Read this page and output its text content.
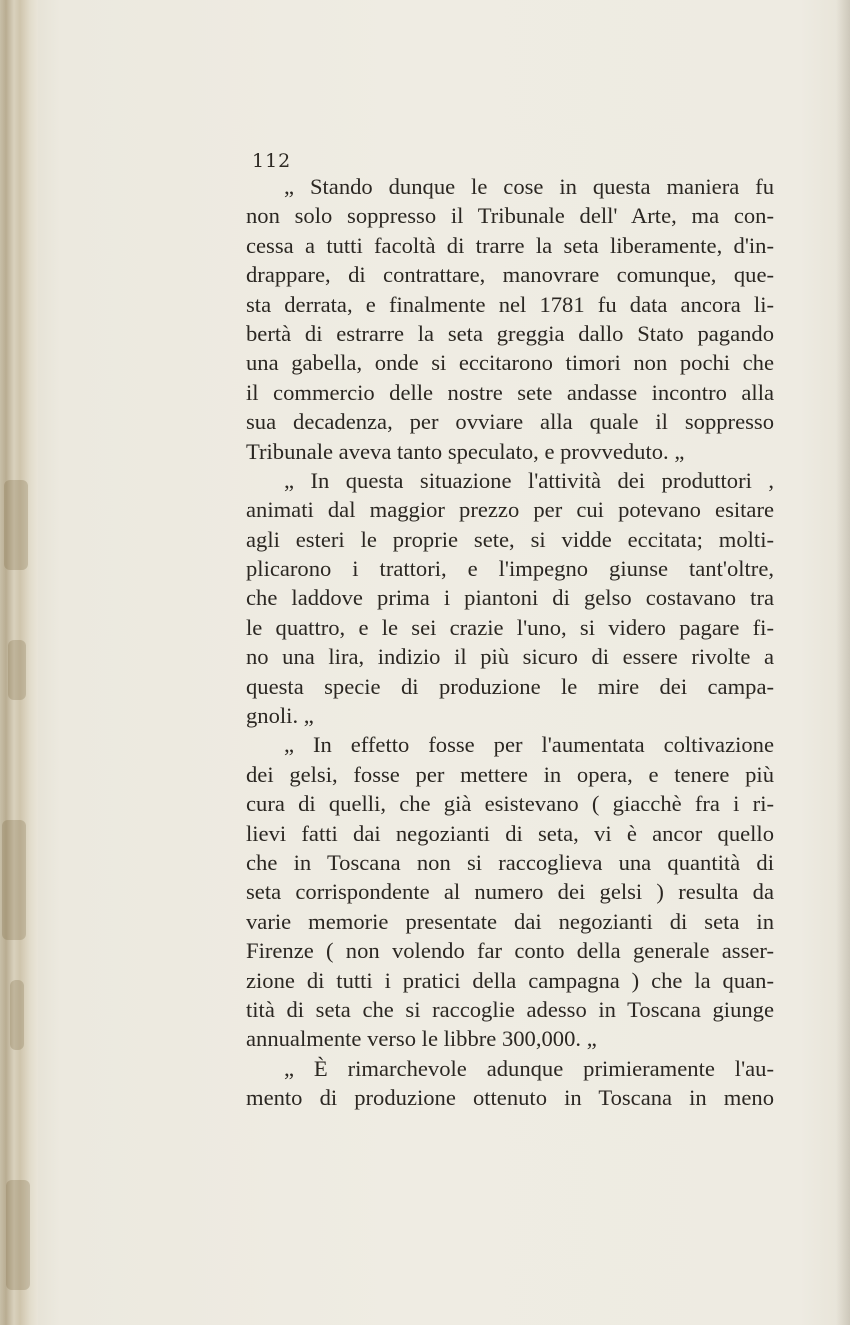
112
„ Stando dunque le cose in questa maniera fu
non solo soppresso il Tribunale dell' Arte, ma con-
cessa a tutti facoltà di trarre la seta liberamente, d'in-
drappare, di contrattare, manovrare comunque, que-
sta derrata, e finalmente nel 1781 fu data ancora li-
bertà di estrarre la seta greggia dallo Stato pagando
una gabella, onde si eccitarono timori non pochi che
il commercio delle nostre sete andasse incontro alla
sua decadenza, per ovviare alla quale il soppresso
Tribunale aveva tanto speculato, e provveduto. „
„ In questa situazione l'attività dei produttori ,
animati dal maggior prezzo per cui potevano esitare
agli esteri le proprie sete, si vidde eccitata; molti-
plicarono i trattori, e l'impegno giunse tant'oltre,
che laddove prima i piantoni di gelso costavano tra
le quattro, e le sei crazie l'uno, si videro pagare fi-
no una lira, indizio il più sicuro di essere rivolte a
questa specie di produzione le mire dei campa-
gnoli. „
„ In effetto fosse per l'aumentata coltivazione
dei gelsi, fosse per mettere in opera, e tenere più
cura di quelli, che già esistevano ( giacchè fra i ri-
lievi fatti dai negozianti di seta, vi è ancor quello
che in Toscana non si raccoglieva una quantità di
seta corrispondente al numero dei gelsi ) resulta da
varie memorie presentate dai negozianti di seta in
Firenze ( non volendo far conto della generale asser-
zione di tutti i pratici della campagna ) che la quan-
tità di seta che si raccoglie adesso in Toscana giunge
annualmente verso le libbre 300,000. „
„ È rimarchevole adunque primieramente l'au-
mento di produzione ottenuto in Toscana in meno
